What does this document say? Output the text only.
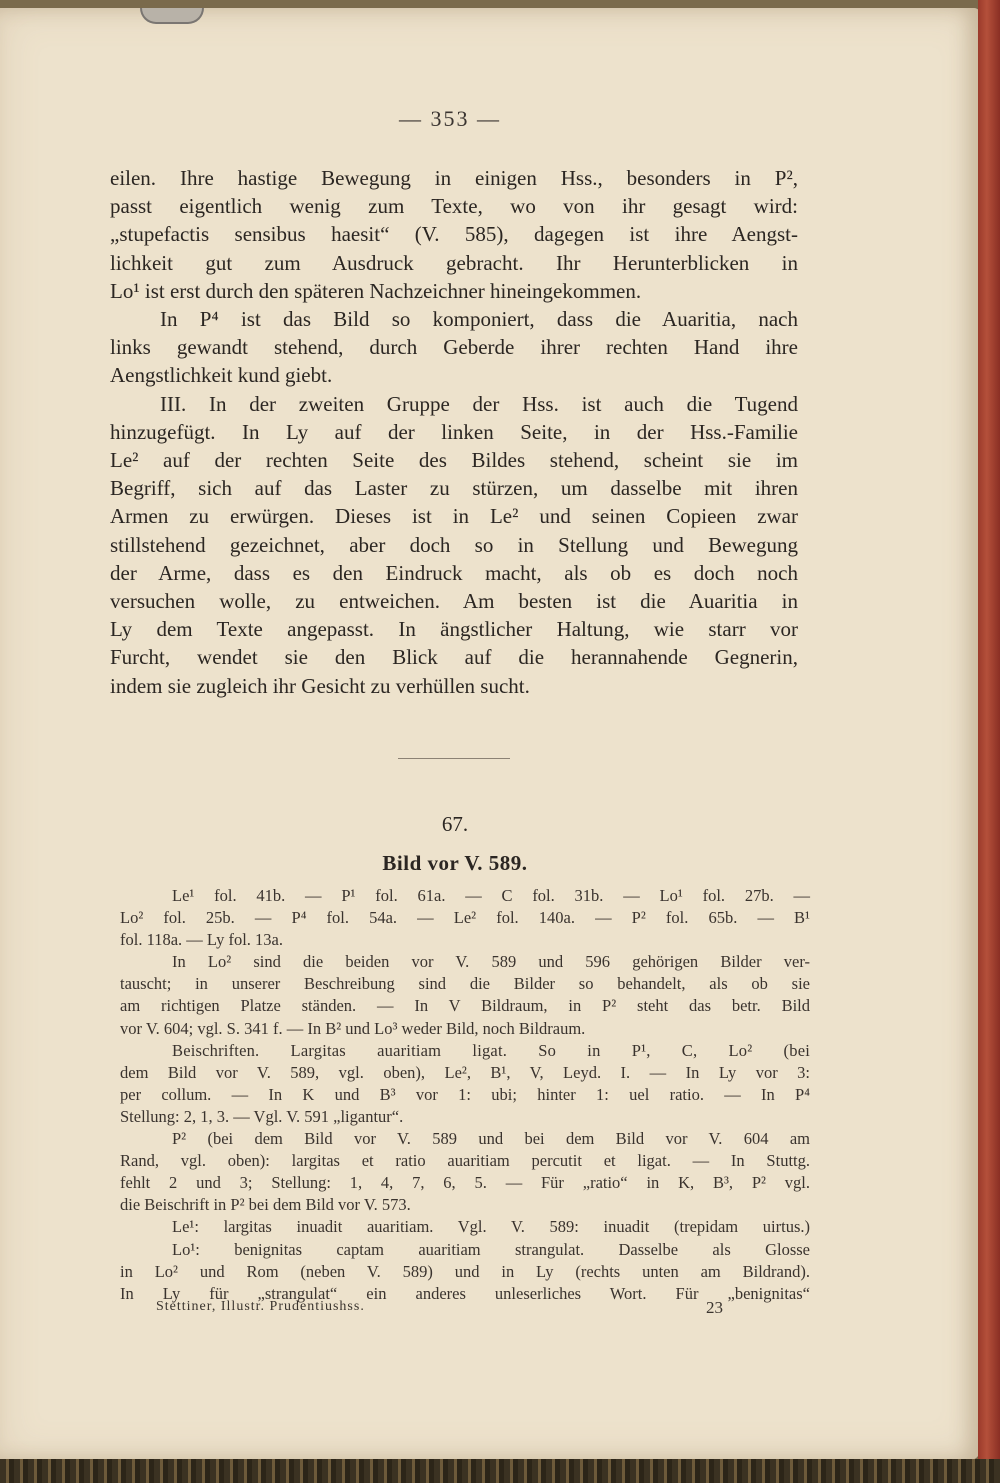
— 353 —

eilen. Ihre hastige Bewegung in einigen Hss., besonders in P²,
passt eigentlich wenig zum Texte, wo von ihr gesagt wird:
„stupefactis sensibus haesit“ (V. 585), dagegen ist ihre Aengst-
lichkeit gut zum Ausdruck gebracht. Ihr Herunterblicken in
Lo¹ ist erst durch den späteren Nachzeichner hineingekommen.
In P⁴ ist das Bild so komponiert, dass die Auaritia, nach
links gewandt stehend, durch Geberde ihrer rechten Hand ihre
Aengstlichkeit kund giebt.
III. In der zweiten Gruppe der Hss. ist auch die Tugend
hinzugefügt. In Ly auf der linken Seite, in der Hss.-Familie
Le² auf der rechten Seite des Bildes stehend, scheint sie im
Begriff, sich auf das Laster zu stürzen, um dasselbe mit ihren
Armen zu erwürgen. Dieses ist in Le² und seinen Copieen zwar
stillstehend gezeichnet, aber doch so in Stellung und Bewegung
der Arme, dass es den Eindruck macht, als ob es doch noch
versuchen wolle, zu entweichen. Am besten ist die Auaritia in
Ly dem Texte angepasst. In ängstlicher Haltung, wie starr vor
Furcht, wendet sie den Blick auf die herannahende Gegnerin,
indem sie zugleich ihr Gesicht zu verhüllen sucht.

67.
Bild vor V. 589.

Le¹ fol. 41b. — P¹ fol. 61a. — C fol. 31b. — Lo¹ fol. 27b. —
Lo² fol. 25b. — P⁴ fol. 54a. — Le² fol. 140a. — P² fol. 65b. — B¹
fol. 118a. — Ly fol. 13a.
In Lo² sind die beiden vor V. 589 und 596 gehörigen Bilder ver-
tauscht; in unserer Beschreibung sind die Bilder so behandelt, als ob sie
am richtigen Platze ständen. — In V Bildraum, in P² steht das betr. Bild
vor V. 604; vgl. S. 341 f. — In B² und Lo³ weder Bild, noch Bildraum.
Beischriften. Largitas auaritiam ligat. So in P¹, C, Lo² (bei
dem Bild vor V. 589, vgl. oben), Le², B¹, V, Leyd. I. — In Ly vor 3:
per collum. — In K und B³ vor 1: ubi; hinter 1: uel ratio. — In P⁴
Stellung: 2, 1, 3. — Vgl. V. 591 „ligantur“.
P² (bei dem Bild vor V. 589 und bei dem Bild vor V. 604 am
Rand, vgl. oben): largitas et ratio auaritiam percutit et ligat. — In Stuttg.
fehlt 2 und 3; Stellung: 1, 4, 7, 6, 5. — Für „ratio“ in K, B³, P² vgl.
die Beischrift in P² bei dem Bild vor V. 573.
Le¹: largitas inuadit auaritiam. Vgl. V. 589: inuadit (trepidam uirtus.)
Lo¹: benignitas captam auaritiam strangulat. Dasselbe als Glosse
in Lo² und Rom (neben V. 589) und in Ly (rechts unten am Bildrand).
In Ly für „strangulat“ ein anderes unleserliches Wort. Für „benignitas“

Stettiner, Illustr. Prudentiushss.	23
